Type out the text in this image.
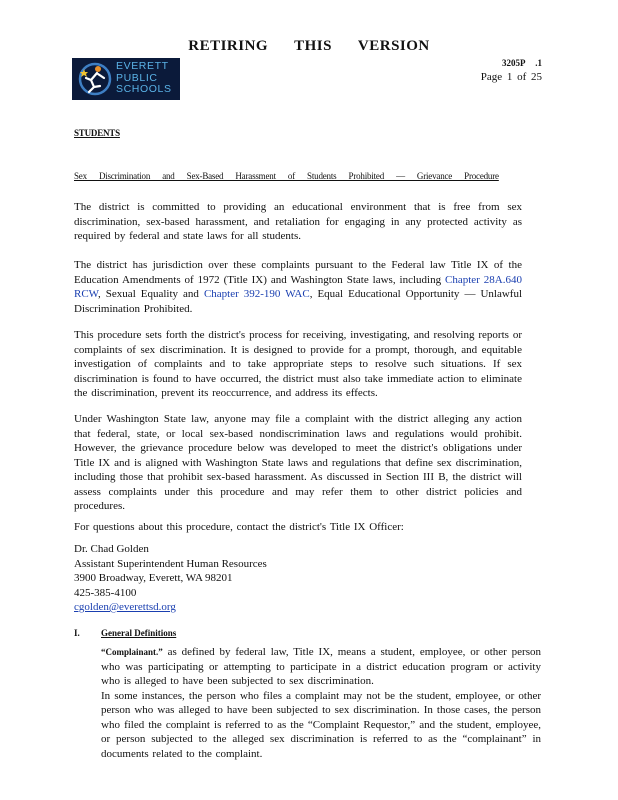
RETIRING THIS VERSION
EVERETT
PUBLIC
SCHOOLS
3205P .1
Page 1 of 25
STUDENTS
Sex Discrimination and Sex-Based Harassment of Students Prohibited — Grievance Procedure
The district is committed to providing an educational environment that is free from sex discrimination, sex-based harassment, and retaliation for engaging in any protected activity as required by federal and state laws for all students.
The district has jurisdiction over these complaints pursuant to the Federal law Title IX of the Education Amendments of 1972 (Title IX) and Washington State laws, including Chapter 28A.640 RCW, Sexual Equality and Chapter 392-190 WAC, Equal Educational Opportunity — Unlawful Discrimination Prohibited.
This procedure sets forth the district's process for receiving, investigating, and resolving reports or complaints of sex discrimination. It is designed to provide for a prompt, thorough, and equitable investigation of complaints and to take appropriate steps to resolve such situations. If sex discrimination is found to have occurred, the district must also take immediate action to eliminate the discrimination, prevent its reoccurrence, and address its effects.
Under Washington State law, anyone may file a complaint with the district alleging any action that federal, state, or local sex-based nondiscrimination laws and regulations would prohibit. However, the grievance procedure below was developed to meet the district's obligations under Title IX and is aligned with Washington State laws and regulations that define sex discrimination, including those that prohibit sex-based harassment. As discussed in Section III B, the district will assess complaints under this procedure and may refer them to other district policies and procedures.
For questions about this procedure, contact the district's Title IX Officer:
Dr. Chad Golden
Assistant Superintendent Human Resources
3900 Broadway, Everett, WA 98201
425-385-4100
cgolden@everettsd.org
I. General Definitions
“Complainant.” as defined by federal law, Title IX, means a student, employee, or other person who was participating or attempting to participate in a district education program or activity who is alleged to have been subjected to sex discrimination.
In some instances, the person who files a complaint may not be the student, employee, or other person who was alleged to have been subjected to sex discrimination. In those cases, the person who filed the complaint is referred to as the “Complaint Requestor,” and the student, employee, or person subjected to the alleged sex discrimination is referred to as the “complainant” in documents related to the complaint.
